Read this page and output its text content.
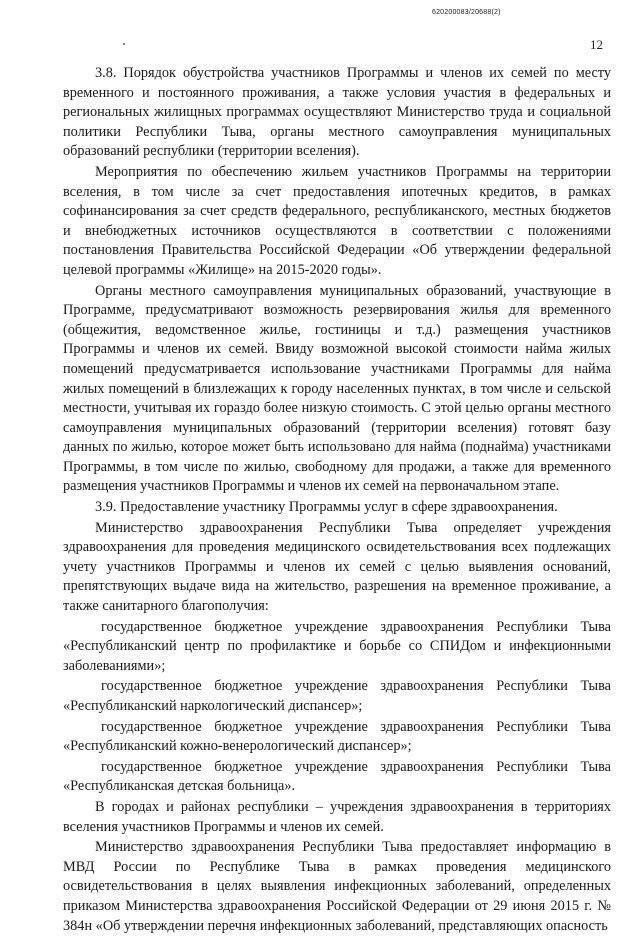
620200083/20688(2)
12

3.8. Порядок обустройства участников Программы и членов их семей по месту временного и постоянного проживания, а также условия участия в федеральных и региональных жилищных программах осуществляют Министерство труда и социальной политики Республики Тыва, органы местного самоуправления муниципальных образований республики (территории вселения).

Мероприятия по обеспечению жильем участников Программы на территории вселения, в том числе за счет предоставления ипотечных кредитов, в рамках софинансирования за счет средств федерального, республиканского, местных бюджетов и внебюджетных источников осуществляются в соответствии с положениями постановления Правительства Российской Федерации «Об утверждении федеральной целевой программы «Жилище» на 2015-2020 годы».

Органы местного самоуправления муниципальных образований, участвующие в Программе, предусматривают возможность резервирования жилья для временного (общежития, ведомственное жилье, гостиницы и т.д.) размещения участников Программы и членов их семей. Ввиду возможной высокой стоимости найма жилых помещений предусматривается использование участниками Программы для найма жилых помещений в близлежащих к городу населенных пунктах, в том числе и сельской местности, учитывая их гораздо более низкую стоимость. С этой целью органы местного самоуправления муниципальных образований (территории вселения) готовят базу данных по жилью, которое может быть использовано для найма (поднайма) участниками Программы, в том числе по жилью, свободному для продажи, а также для временного размещения участников Программы и членов их семей на первоначальном этапе.

3.9. Предоставление участнику Программы услуг в сфере здравоохранения.

Министерство здравоохранения Республики Тыва определяет учреждения здравоохранения для проведения медицинского освидетельствования всех подлежащих учету участников Программы и членов их семей с целью выявления оснований, препятствующих выдаче вида на жительство, разрешения на временное проживание, а также санитарного благополучия:

государственное бюджетное учреждение здравоохранения Республики Тыва «Республиканский центр по профилактике и борьбе со СПИДом и инфекционными заболеваниями»;

государственное бюджетное учреждение здравоохранения Республики Тыва «Республиканский наркологический диспансер»;

государственное бюджетное учреждение здравоохранения Республики Тыва «Республиканский кожно-венерологический диспансер»;

государственное бюджетное учреждение здравоохранения Республики Тыва «Республиканская детская больница».

В городах и районах республики – учреждения здравоохранения в территориях вселения участников Программы и членов их семей.

Министерство здравоохранения Республики Тыва предоставляет информацию в МВД России по Республике Тыва в рамках проведения медицинского освидетельствования в целях выявления инфекционных заболеваний, определенных приказом Министерства здравоохранения Российской Федерации от 29 июня 2015 г. № 384н «Об утверждении перечня инфекционных заболеваний, представляющих опасность
